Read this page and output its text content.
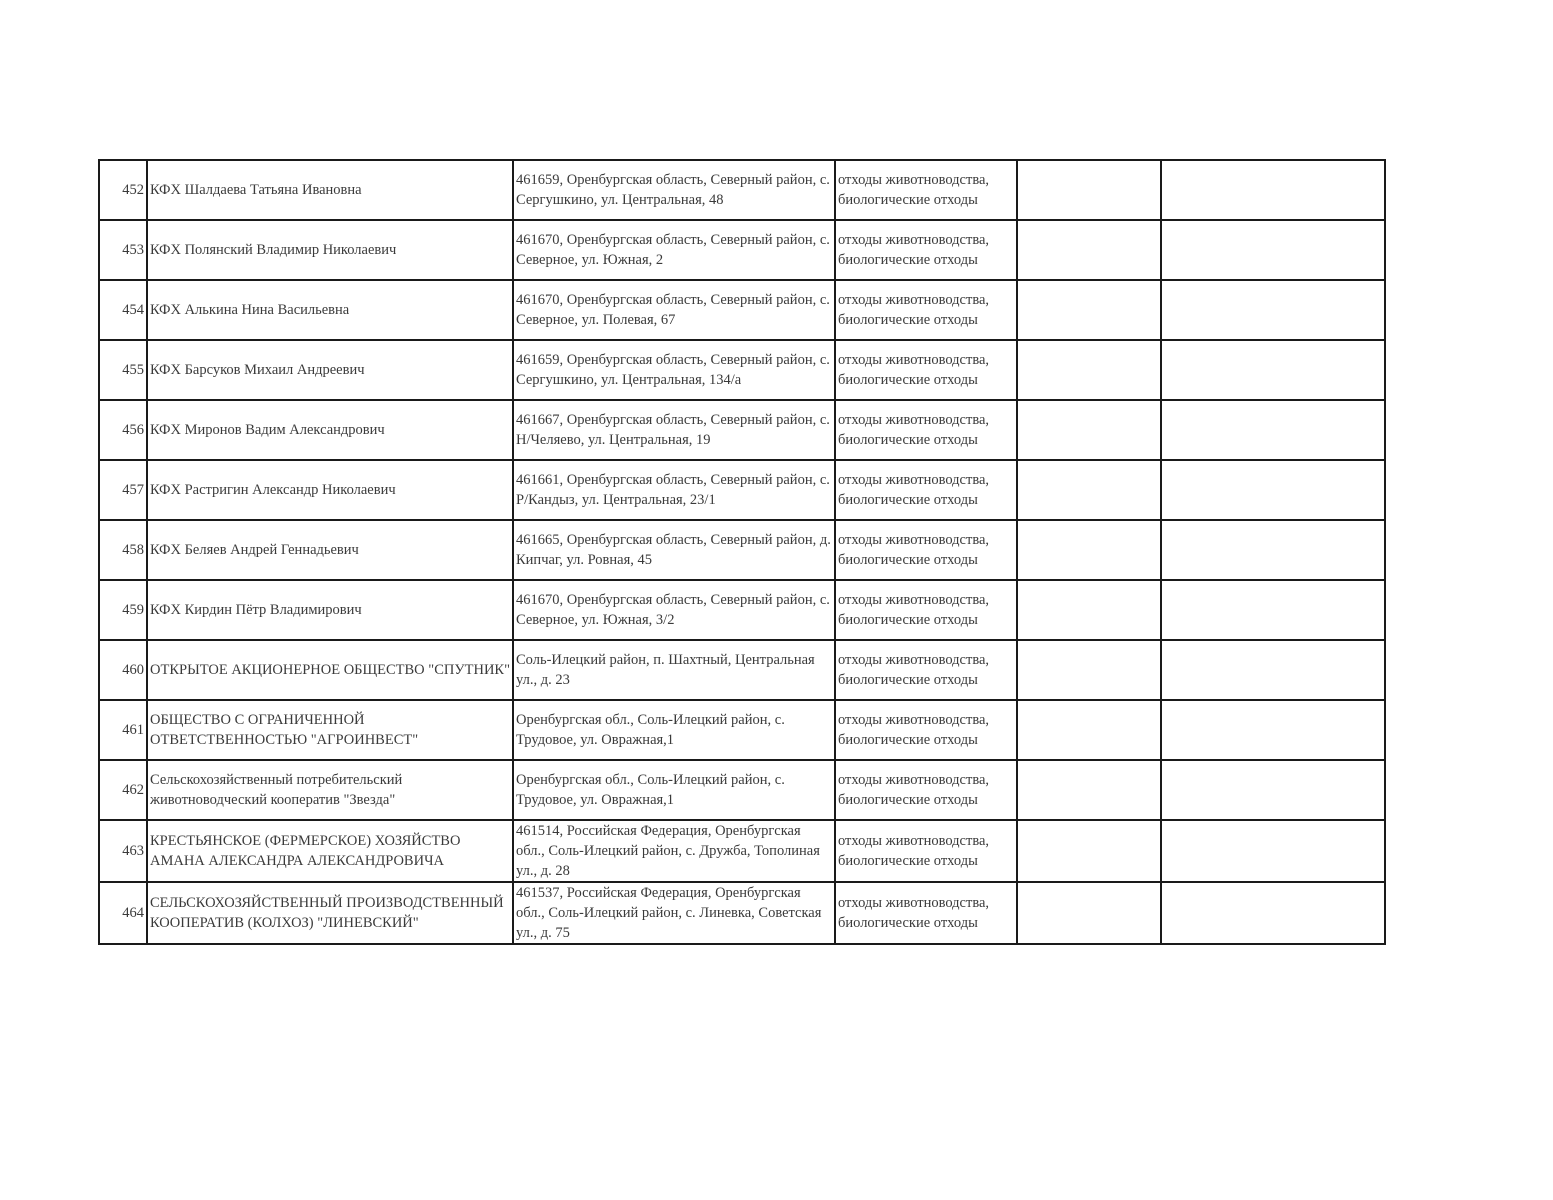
452	КФХ Шалдаева Татьяна Ивановна	461659, Оренбургская область, Северный район, с. Сергушкино, ул. Центральная, 48	отходы животноводства, биологические отходы		
453	КФХ Полянский Владимир Николаевич	461670, Оренбургская область, Северный район, с. Северное, ул. Южная, 2	отходы животноводства, биологические отходы		
454	КФХ Алькина Нина Васильевна	461670, Оренбургская область, Северный район, с. Северное, ул. Полевая, 67	отходы животноводства, биологические отходы		
455	КФХ Барсуков Михаил Андреевич	461659, Оренбургская область, Северный район, с. Сергушкино, ул. Центральная, 134/а	отходы животноводства, биологические отходы		
456	КФХ Миронов Вадим Александрович	461667, Оренбургская область, Северный район, с. Н/Челяево, ул. Центральная, 19	отходы животноводства, биологические отходы		
457	КФХ Растригин Александр Николаевич	461661, Оренбургская область, Северный район, с. Р/Кандыз, ул. Центральная, 23/1	отходы животноводства, биологические отходы		
458	КФХ Беляев Андрей Геннадьевич	461665, Оренбургская область, Северный район, д. Кипчаг, ул. Ровная, 45	отходы животноводства, биологические отходы		
459	КФХ Кирдин Пётр Владимирович	461670, Оренбургская область, Северный район, с. Северное, ул. Южная, 3/2	отходы животноводства, биологические отходы		
460	ОТКРЫТОЕ АКЦИОНЕРНОЕ ОБЩЕСТВО "СПУТНИК"	Соль-Илецкий район, п. Шахтный, Центральная ул., д. 23	отходы животноводства, биологические отходы		
461	ОБЩЕСТВО С ОГРАНИЧЕННОЙ ОТВЕТСТВЕННОСТЬЮ "АГРОИНВЕСТ"	Оренбургская обл., Соль-Илецкий район, с. Трудовое, ул. Овражная,1	отходы животноводства, биологические отходы		
462	Сельскохозяйственный потребительский животноводческий кооператив "Звезда"	Оренбургская обл., Соль-Илецкий район, с. Трудовое, ул. Овражная,1	отходы животноводства, биологические отходы		
463	КРЕСТЬЯНСКОЕ (ФЕРМЕРСКОЕ) ХОЗЯЙСТВО АМАНА АЛЕКСАНДРА АЛЕКСАНДРОВИЧА	461514, Российская Федерация, Оренбургская обл., Соль-Илецкий район, с. Дружба, Тополиная ул., д. 28	отходы животноводства, биологические отходы		
464	СЕЛЬСКОХОЗЯЙСТВЕННЫЙ ПРОИЗВОДСТВЕННЫЙ КООПЕРАТИВ (КОЛХОЗ) "ЛИНЕВСКИЙ"	461537, Российская Федерация, Оренбургская обл., Соль-Илецкий район, с. Линевка, Советская ул., д. 75	отходы животноводства, биологические отходы		
